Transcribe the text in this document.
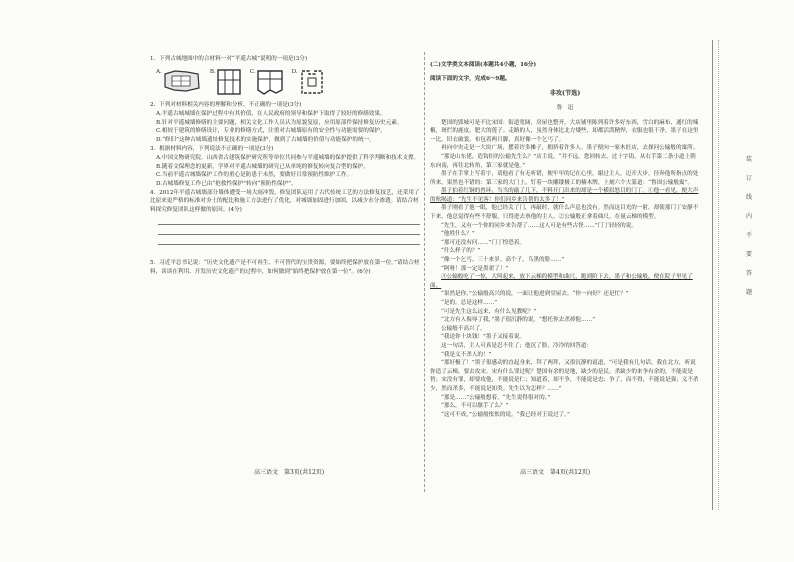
1．下列古城地图中的合材料一对“平遥古城”说明的一项是(3分)

A.	B.	C.	D.

2．下列对材料相关内容的理解和分析，不正确的一项是(3分)

A.平遥古城城墙在保护过程中有其价值，在人民政府的领导和保护下取得了较好的修缮效果。

B.针对平遥城墙修缮的主要问题，相关文化工作人员认为原貌复原，应用原部件保持修复历史元素。

C.相较于建筑的修缮设计，专业的修缮方式，注重对古城墙原有的安全性与功能需要的保护。

D.“修旧”这种古城墙遗址修复技术的实施保护，做到了古城墙的价值与功能保护的统一。

3．根据材料内容，下列说法不正确的一项是(3分)

A.中国文物研究院、山西省古建筑保护研究所等单位共同参与平遥城墙的保护提供了科学判断和技术支撑。

B.随着文保理念的更新，学界对平遥古城墙的研究已从单纯的修复转向复合型的保护。

C.当前平遥古城墙保护工作的重心是防患于未然，要做好日常预防性维护工作。

D.古城墙修复工作已由“抢救性保护”转向“预防性保护”。

4．2012年平遥古城墙部分墙体遭受一场大雨冲毁，修复团队运用了古代传统工艺的方法修复技艺，还采用了比原来更严格的标准对夯土的配比和施工方法进行了优化，对城墙加固进行加固，以减少水分渗透。请结合材料探究修复团队这样做的原因。(4分)

5．习近平总书记说：“历史文化遗产是不可再生、不可替代的宝贵资源，要始终把保护放在第一位。”请结合材料，谈谈在利用、开发历史文化遗产的过程中，如何做到“始终把保护放在第一位”。(6分)

高三语文　第3页(共12页)

(二)文学类文本阅读(本题共4小题，16分)

阅读下面的文字，完成6～9题。

非攻(节选)

鲁　迅

楚国的郢城可是不比宋国：街道宽阔，房屋也整齐，大店铺里陈列着许多好东西，雪白的麻布，通红的辣椒，斑烂的鹿皮，肥大的莲子。走路的人，虽然身体比北方矮些，却都活泼精悍，衣服也很干净。墨子在这里一比，旧衣破裳，布包着两只脚，真好像一个乞丐了。

再向中央走是一大块广场，摆着许多摊子，拥挤着许多人。墨子便向一家木匠店，去探问公输般的寓所。

“那是山东佬，造钩拒的公输先生么？”店主说，“并不远。您回转去，过十字街，从右手第二条小道上朝东向南，再往北转角，第三家就是他。”

墨子在手掌上写着字，请他看了有无听错，便牢牢的记在心里，谢过主人，迈开大步，径奔他所指点的处所来。果然也不错的：第三家的大门上，钉着一块雕镂极工的楠木牌，上刻六个大篆道：“鲁国公输般寓”。

墨子拍着红铜的兽环，当当的敲了几下，不料开门出来的却是一个横眉怒目的门丁。①他一看见，便大声的吆喝道：“先生不见客！你们同乡来告帮的太多了！”

墨子刚看了他一眼，他已经关了门，再敲时，就什么声息也没有。然而这目光的一射，却使那门丁安静不下来，他总觉得有些不舒服，只得进去禀他的主人。②公输般正拿着曲尺，在量云梯的模型。

“先生，又有一个你的同乡来告帮了……这人可是有些古怪……”门丁轻轻的说。

“他姓什么？”

“那可还没有问……”门丁惶恐着。

“什么样子的？”

“像一个乞丐。三十来岁。高个子，乌黑的脸……”

“阿呀！那一定是墨翟了！”

③公输般吃了一惊，大叫起来，放下云梯的模型和曲尺，跑到阶下去。墨子和公输般，便在院子里见了面。

“果然是你，”公输般高兴的说，一面让他进到堂屋去。“你一向好？还是忙？”

“是的。总是这样……”

“可是先生这么远来，有什么见教呢？”

“北方有人侮辱了我，”墨子很沉静的说。“想托你去杀掉他……”

公输般不高兴了。

“我送你十块钱！”墨子又接着说。

这一句话，主人可真是忍不住了；他沉了脸，冷冷的回答道：

“我是义不杀人的！”

“那好极了！”墨子很感动的直起身来，拜了两拜，又很沉静的说道，“可是我有几句话。我在北方，听说你造了云梯，要去攻宋。宋有什么罪过呢？楚国有余的是地，缺少的是民。杀缺少的来争有余的，不能说是智；宋没有罪，却要攻他，不能说是仁；知道着，却不争，不能说是忠；争了，而不得，不能说是强；义不杀少，然而杀多，不能说是知类。先生以为怎样？……”

“那是……”公输般想着，“先生说得很对的。”

“那么，不可以歇手了么？”

“这可不成，”公输般怅怅的说。“我已经对王说过了。”

高三语文　第4页(共12页)
装
订
线
内
不
要
答
题
